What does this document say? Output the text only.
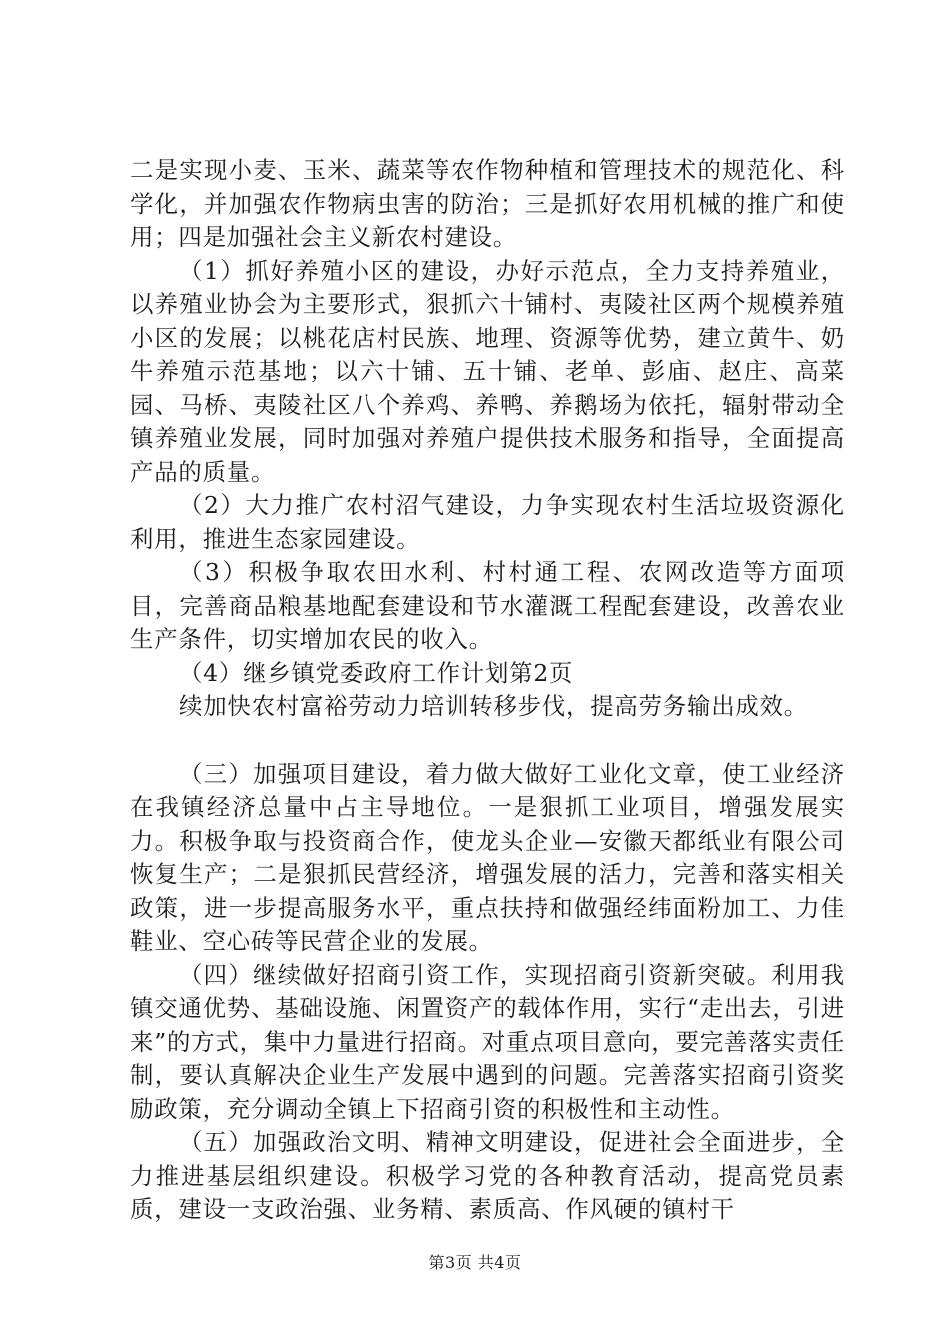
二是实现小麦、玉米、蔬菜等农作物种植和管理技术的规范化、科学化，并加强农作物病虫害的防治；三是抓好农用机械的推广和使用；四是加强社会主义新农村建设。

（1）抓好养殖小区的建设，办好示范点，全力支持养殖业，以养殖业协会为主要形式，狠抓六十铺村、夷陵社区两个规模养殖小区的发展；以桃花店村民族、地理、资源等优势，建立黄牛、奶牛养殖示范基地；以六十铺、五十铺、老单、彭庙、赵庄、高菜园、马桥、夷陵社区八个养鸡、养鸭、养鹅场为依托，辐射带动全镇养殖业发展，同时加强对养殖户提供技术服务和指导，全面提高产品的质量。

（2）大力推广农村沼气建设，力争实现农村生活垃圾资源化利用，推进生态家园建设。

（3）积极争取农田水利、村村通工程、农网改造等方面项目，完善商品粮基地配套建设和节水灌溉工程配套建设，改善农业生产条件，切实增加农民的收入。

（4）继乡镇党委政府工作计划第2页

续加快农村富裕劳动力培训转移步伐，提高劳务输出成效。

（三）加强项目建设，着力做大做好工业化文章，使工业经济在我镇经济总量中占主导地位。一是狠抓工业项目，增强发展实力。积极争取与投资商合作，使龙头企业—安徽天都纸业有限公司恢复生产；二是狠抓民营经济，增强发展的活力，完善和落实相关政策，进一步提高服务水平，重点扶持和做强经纬面粉加工、力佳鞋业、空心砖等民营企业的发展。

（四）继续做好招商引资工作，实现招商引资新突破。利用我镇交通优势、基础设施、闲置资产的载体作用，实行“走出去，引进来”的方式，集中力量进行招商。对重点项目意向，要完善落实责任制，要认真解决企业生产发展中遇到的问题。完善落实招商引资奖励政策，充分调动全镇上下招商引资的积极性和主动性。

（五）加强政治文明、精神文明建设，促进社会全面进步，全力推进基层组织建设。积极学习党的各种教育活动，提高党员素质，建设一支政治强、业务精、素质高、作风硬的镇村干

第3页 共4页
